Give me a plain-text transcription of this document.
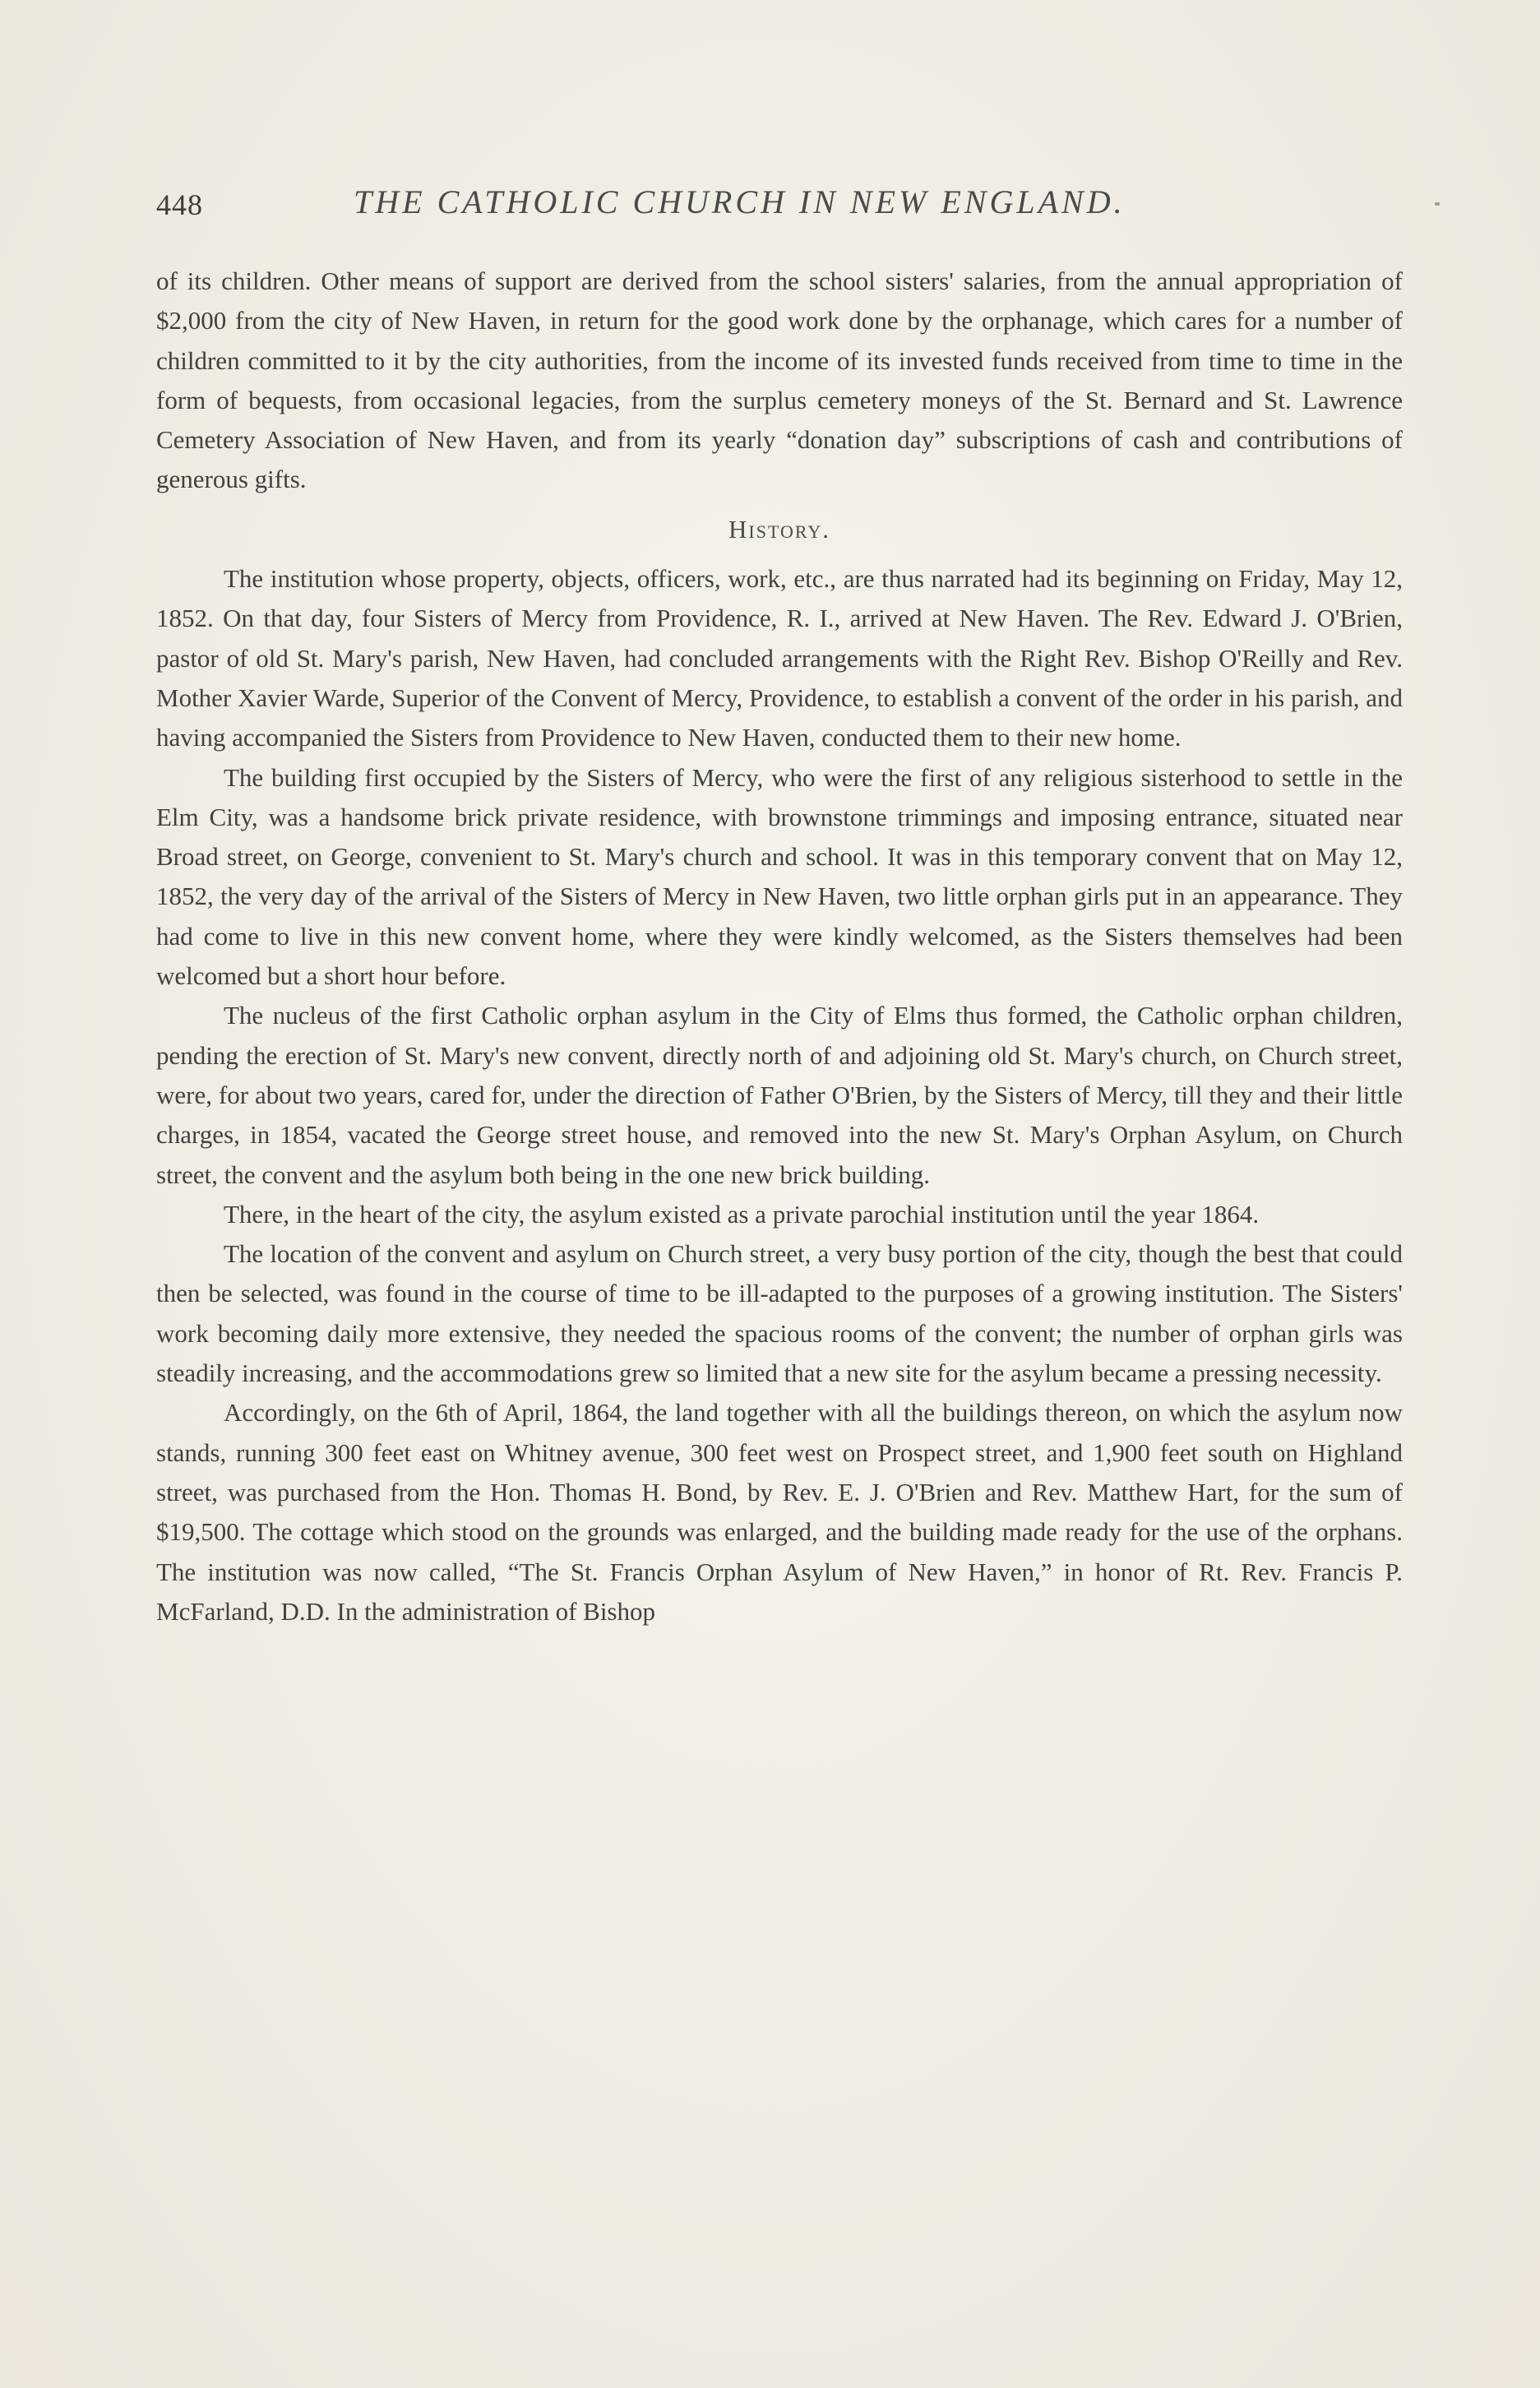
448	THE CATHOLIC CHURCH IN NEW ENGLAND.

of its children. Other means of support are derived from the school sisters' salaries, from the annual appropriation of $2,000 from the city of New Haven, in return for the good work done by the orphanage, which cares for a number of children committed to it by the city authorities, from the income of its invested funds received from time to time in the form of bequests, from occasional legacies, from the surplus cemetery moneys of the St. Bernard and St. Lawrence Cemetery Association of New Haven, and from its yearly “donation day” subscriptions of cash and contributions of generous gifts.

History.

The institution whose property, objects, officers, work, etc., are thus narrated had its beginning on Friday, May 12, 1852. On that day, four Sisters of Mercy from Providence, R. I., arrived at New Haven. The Rev. Edward J. O'Brien, pastor of old St. Mary's parish, New Haven, had concluded arrangements with the Right Rev. Bishop O'Reilly and Rev. Mother Xavier Warde, Superior of the Convent of Mercy, Providence, to establish a convent of the order in his parish, and having accompanied the Sisters from Providence to New Haven, conducted them to their new home.

The building first occupied by the Sisters of Mercy, who were the first of any religious sisterhood to settle in the Elm City, was a handsome brick private residence, with brownstone trimmings and imposing entrance, situated near Broad street, on George, convenient to St. Mary's church and school. It was in this temporary convent that on May 12, 1852, the very day of the arrival of the Sisters of Mercy in New Haven, two little orphan girls put in an appearance. They had come to live in this new convent home, where they were kindly welcomed, as the Sisters themselves had been welcomed but a short hour before.

The nucleus of the first Catholic orphan asylum in the City of Elms thus formed, the Catholic orphan children, pending the erection of St. Mary's new convent, directly north of and adjoining old St. Mary's church, on Church street, were, for about two years, cared for, under the direction of Father O'Brien, by the Sisters of Mercy, till they and their little charges, in 1854, vacated the George street house, and removed into the new St. Mary's Orphan Asylum, on Church street, the convent and the asylum both being in the one new brick building.

There, in the heart of the city, the asylum existed as a private parochial institution until the year 1864.

The location of the convent and asylum on Church street, a very busy portion of the city, though the best that could then be selected, was found in the course of time to be ill-adapted to the purposes of a growing institution. The Sisters' work becoming daily more extensive, they needed the spacious rooms of the convent; the number of orphan girls was steadily increasing, and the accommodations grew so limited that a new site for the asylum became a pressing necessity.

Accordingly, on the 6th of April, 1864, the land together with all the buildings thereon, on which the asylum now stands, running 300 feet east on Whitney avenue, 300 feet west on Prospect street, and 1,900 feet south on Highland street, was purchased from the Hon. Thomas H. Bond, by Rev. E. J. O'Brien and Rev. Matthew Hart, for the sum of $19,500. The cottage which stood on the grounds was enlarged, and the building made ready for the use of the orphans. The institution was now called, “The St. Francis Orphan Asylum of New Haven,” in honor of Rt. Rev. Francis P. McFarland, D.D. In the administration of Bishop
